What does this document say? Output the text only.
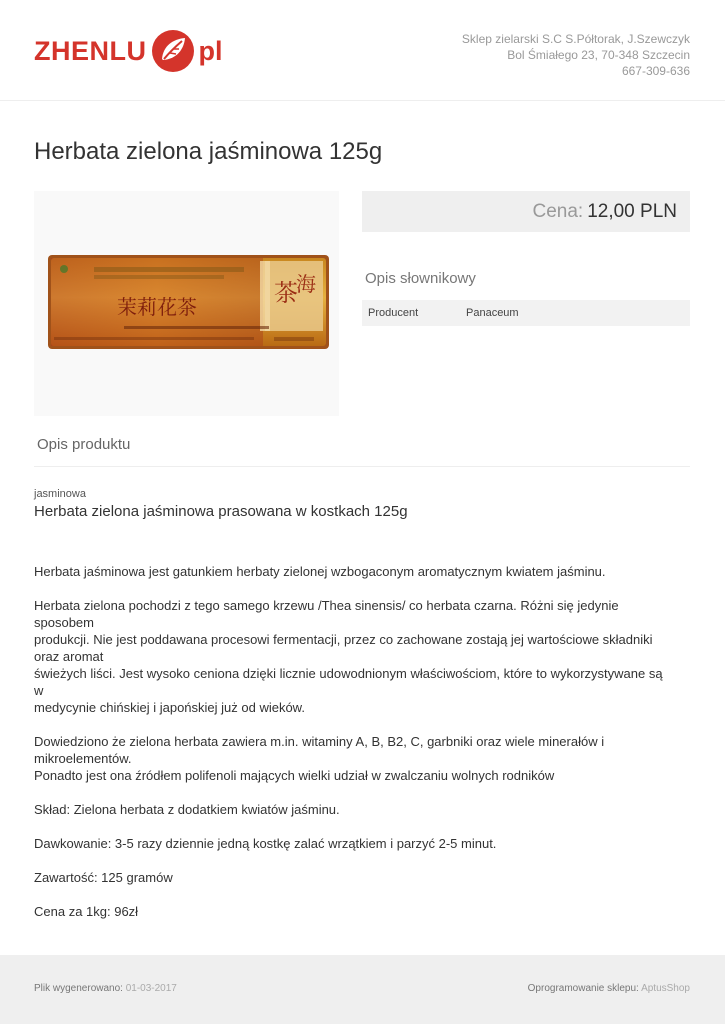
ZHENLU pl	Sklep zielarski S.C S.Półtorak, J.Szewczyk
Bol Śmiałego 23, 70-348 Szczecin
667-309-636
Herbata zielona jaśminowa 125g
茶
海
茉莉花茶
Cena: 12,00 PLN
Opis słownikowy
Producent	Panaceum
Opis produktu
jasminowa
Herbata zielona jaśminowa prasowana w kostkach 125g

Herbata jaśminowa jest gatunkiem herbaty zielonej wzbogaconym aromatycznym kwiatem jaśminu.

Herbata zielona pochodzi z tego samego krzewu /Thea sinensis/ co herbata czarna. Różni się jedynie
sposobem
produkcji. Nie jest poddawana procesowi fermentacji, przez co zachowane zostają jej wartościowe składniki
oraz aromat
świeżych liści. Jest wysoko ceniona dzięki licznie udowodnionym właściwościom, które to wykorzystywane są
w
medycynie chińskiej i japońskiej już od wieków.

Dowiedziono że zielona herbata zawiera m.in. witaminy A, B, B2, C, garbniki oraz wiele minerałów i
mikroelementów.
Ponadto jest ona źródłem polifenoli mających wielki udział w zwalczaniu wolnych rodników

Skład: Zielona herbata z dodatkiem kwiatów jaśminu.

Dawkowanie: 3-5 razy dziennie jedną kostkę zalać wrzątkiem i parzyć 2-5 minut.

Zawartość: 125 gramów

Cena za 1kg: 96zł

Plik wygenerowano: 01-03-2017	Oprogramowanie sklepu: AptusShop
